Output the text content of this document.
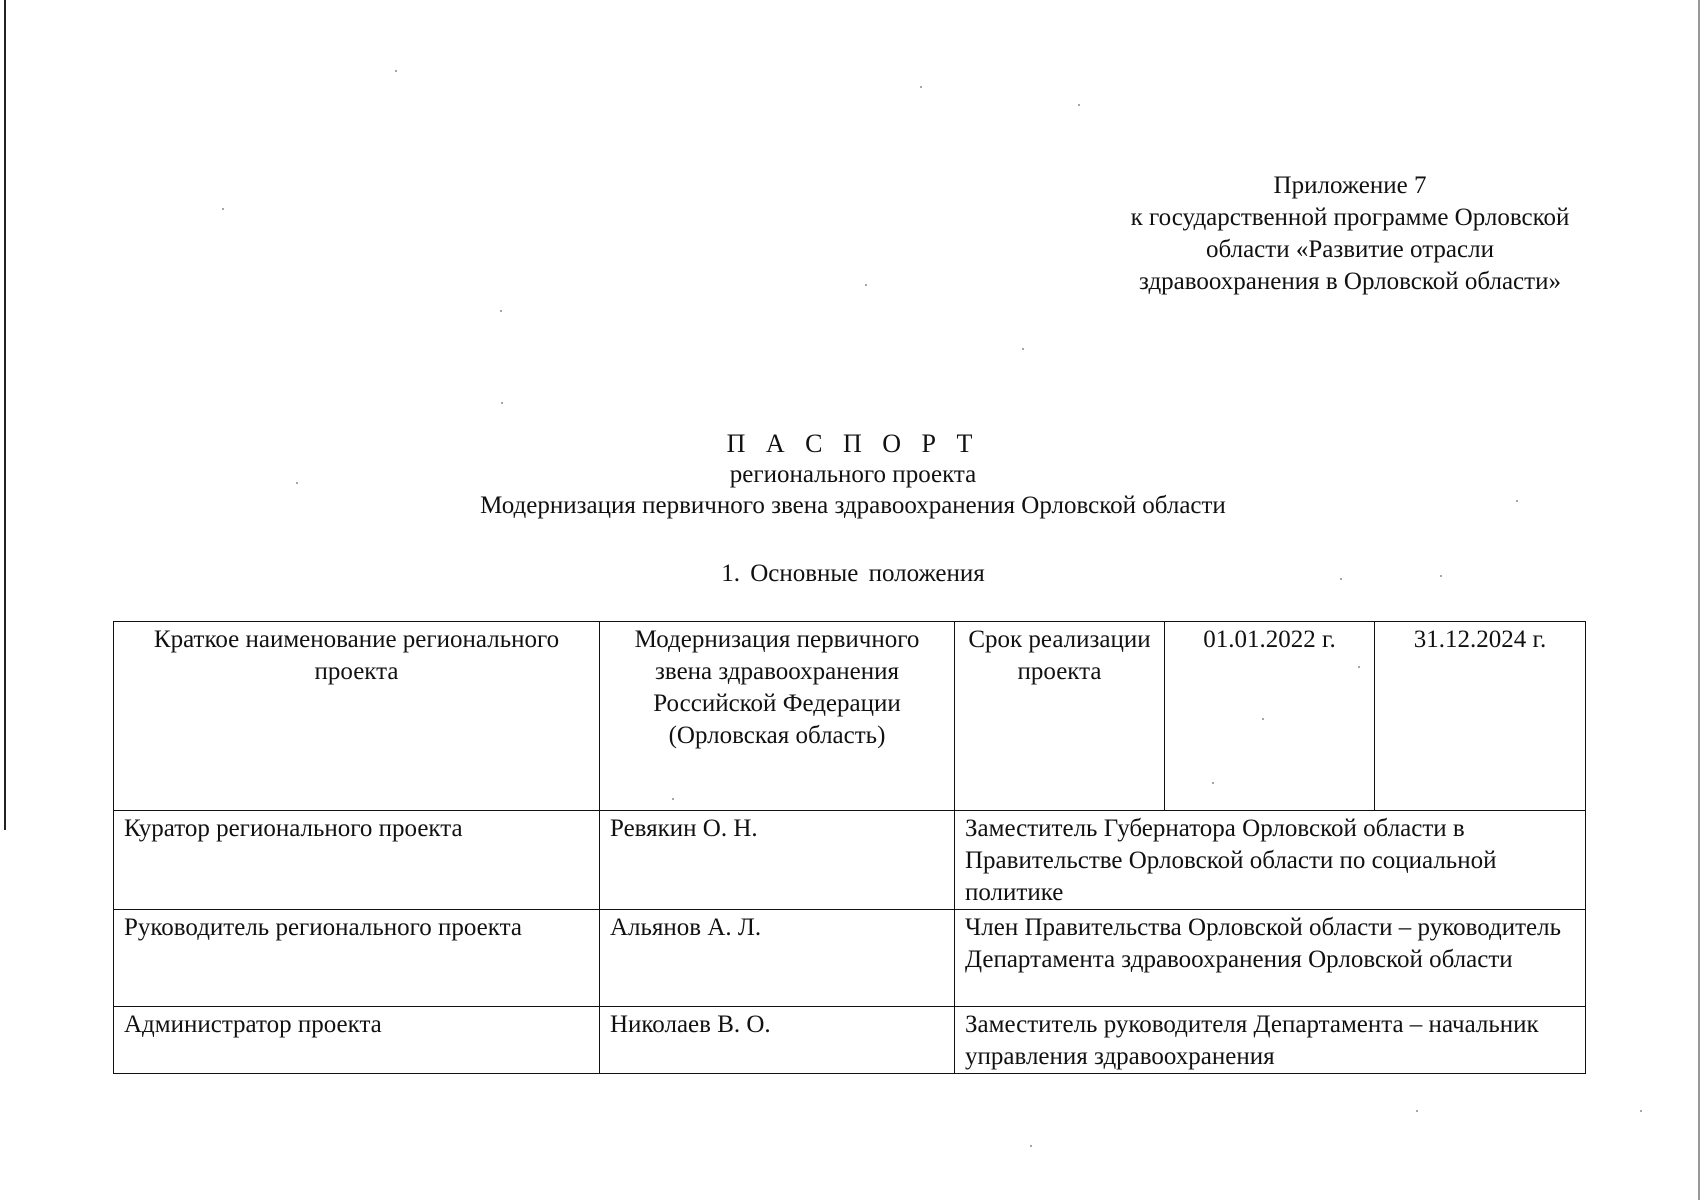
Приложение 7
к государственной программе Орловской
области «Развитие отрасли
здравоохранения в Орловской области»
П А С П О Р Т
регионального проекта
Модернизация первичного звена здравоохранения Орловской области
1. Основные положения
Краткое наименование регионального проекта	Модернизация первичного звена здравоохранения Российской Федерации (Орловская область)	Срок реализации проекта	01.01.2022 г.	31.12.2024 г.
Куратор регионального проекта	Ревякин О. Н.	Заместитель Губернатора Орловской области в Правительстве Орловской области по социальной политике		
Руководитель регионального проекта	Альянов А. Л.	Член Правительства Орловской области – руководитель Департамента здравоохранения Орловской области		
Администратор проекта	Николаев В. О.	Заместитель руководителя Департамента – начальник управления здравоохранения		
